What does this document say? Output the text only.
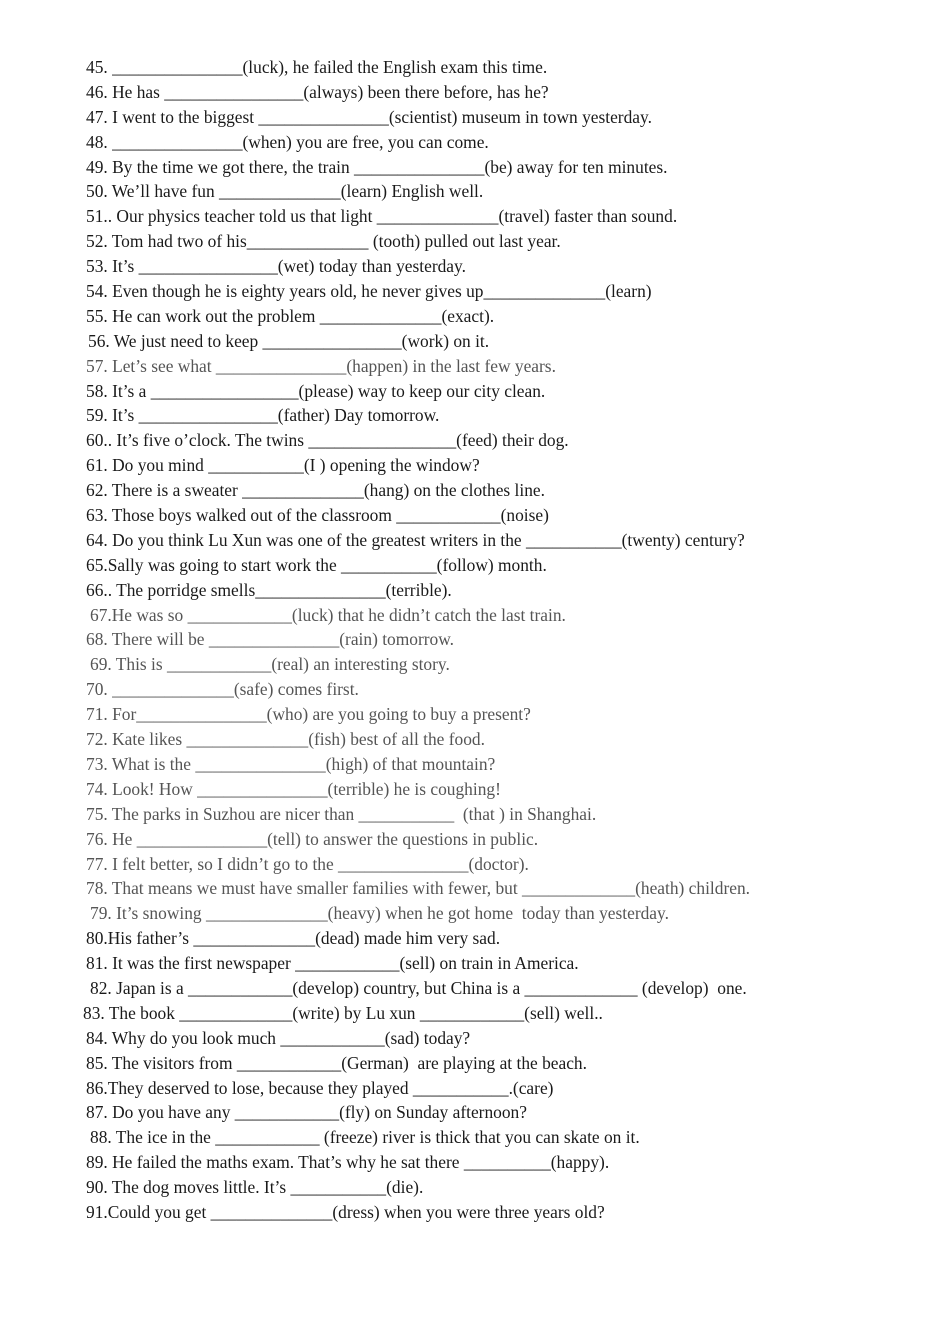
45. _______________(luck), he failed the English exam this time.
46. He has ________________(always) been there before, has he?
47. I went to the biggest _______________(scientist) museum in town yesterday.
48. _______________(when) you are free, you can come.
49. By the time we got there, the train _______________(be) away for ten minutes.
50. We’ll have fun ______________(learn) English well.
51.. Our physics teacher told us that light ______________(travel) faster than sound.
52. Tom had two of his______________ (tooth) pulled out last year.
53. It’s ________________(wet) today than yesterday.
54. Even though he is eighty years old, he never gives up______________(learn)
55. He can work out the problem ______________(exact).
56. We just need to keep ________________(work) on it.
57. Let’s see what _______________(happen) in the last few years.
58. It’s a _________________(please) way to keep our city clean.
59. It’s ________________(father) Day tomorrow.
60.. It’s five o’clock. The twins _________________(feed) their dog.
61. Do you mind ___________(I ) opening the window?
62. There is a sweater ______________(hang) on the clothes line.
63. Those boys walked out of the classroom ____________(noise)
64. Do you think Lu Xun was one of the greatest writers in the ___________(twenty) century?
65.Sally was going to start work the ___________(follow) month.
66.. The porridge smells_______________(terrible).
67.He was so ____________(luck) that he didn’t catch the last train.
68. There will be _______________(rain) tomorrow.
69. This is ____________(real) an interesting story.
70. ______________(safe) comes first.
71. For_______________(who) are you going to buy a present?
72. Kate likes ______________(fish) best of all the food.
73. What is the _______________(high) of that mountain?
74. Look! How _______________(terrible) he is coughing!
75. The parks in Suzhou are nicer than ___________  (that ) in Shanghai.
76. He _______________(tell) to answer the questions in public.
77. I felt better, so I didn’t go to the _______________(doctor).
78. That means we must have smaller families with fewer, but _____________(heath) children.
79. It’s snowing ______________(heavy) when he got home  today than yesterday.
80.His father’s ______________(dead) made him very sad.
81. It was the first newspaper ____________(sell) on train in America.
82. Japan is a ____________(develop) country, but China is a _____________ (develop)  one.
83. The book _____________(write) by Lu xun ____________(sell) well..
84. Why do you look much ____________(sad) today?
85. The visitors from ____________(German)  are playing at the beach.
86.They deserved to lose, because they played ___________.(care)
87. Do you have any ____________(fly) on Sunday afternoon?
88. The ice in the ____________ (freeze) river is thick that you can skate on it.
89. He failed the maths exam. That’s why he sat there __________(happy).
90. The dog moves little. It’s ___________(die).
91.Could you get ______________(dress) when you were three years old?
